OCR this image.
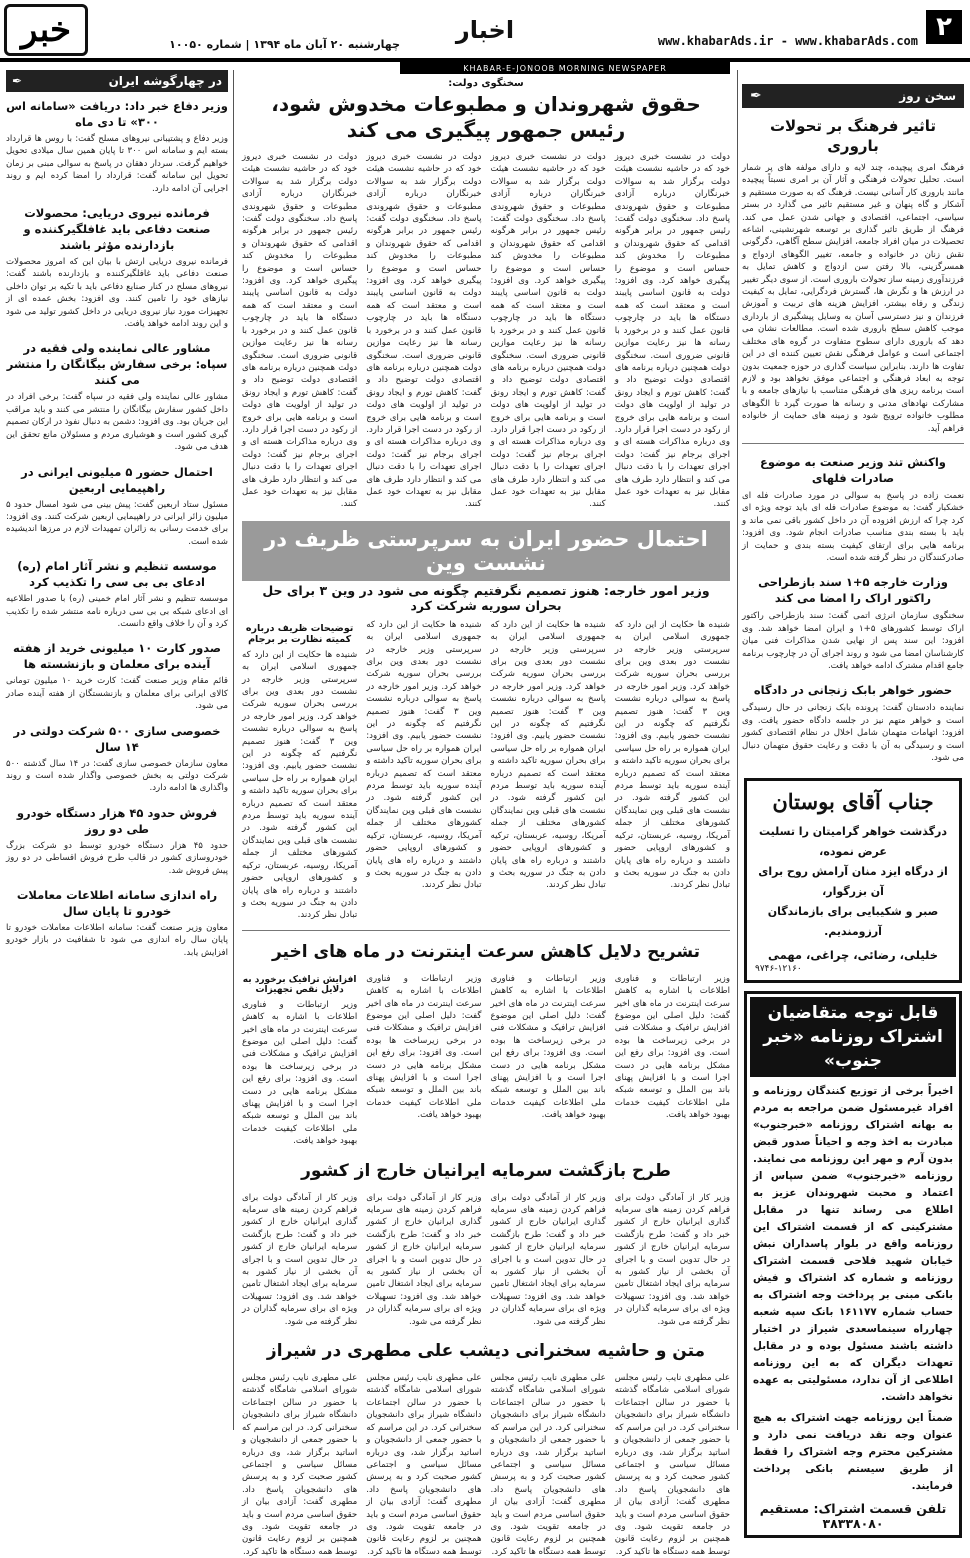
۲
www.khabarAds.ir - www.khabarAds.com
اخبار
چهارشنبه ۲۰ آبان ماه ۱۳۹۴ | شماره ۱۰۰۵۰
خبر
KHABAR-E-JONOOB MORNING NEWSPAPER
سخن روز
✒
تاثیر فرهنگ بر تحولات باروری

فرهنگ امری پیچیده، چند لایه و دارای مولفه های پر شمار است. تحلیل تحولات فرهنگی و آثار آن بر امری نسبتاً پیچیده مانند باروری کار آسانی نیست. فرهنگ که به صورت مستقیم و آشکار و گاه پنهان و غیر مستقیم تاثیر می گذارد در بستر سیاسی، اجتماعی، اقتصادی و جهانی شدن عمل می کند. فرهنگ از طریق تاثیر گذاری بر توسعه شهرنشینی، اشاعه تحصیلات در میان افراد جامعه، افزایش سطح آگاهی، دگرگونی نقش زنان در خانواده و جامعه، تغییر الگوهای ازدواج و همسرگزینی، بالا رفتن سن ازدواج و کاهش تمایل به فرزندآوری زمینه ساز تحولات باروری است. از سوی دیگر تغییر در ارزش ها و نگرش ها، گسترش فردگرایی، تمایل به کیفیت زندگی و رفاه بیشتر، افزایش هزینه های تربیت و آموزش فرزندان و نیز دسترسی آسان به وسایل پیشگیری از بارداری موجب کاهش سطح باروری شده است. مطالعات نشان می دهد که باروری دارای سطوح متفاوت در گروه های مختلف اجتماعی است و عوامل فرهنگی نقش تعیین کننده ای در این تفاوت ها دارند. بنابراین سیاست گذاری در حوزه جمعیت بدون توجه به ابعاد فرهنگی و اجتماعی موفق نخواهد بود و لازم است برنامه ریزی های فرهنگی متناسب با نیازهای جامعه و با مشارکت نهادهای مدنی و رسانه ها صورت گیرد تا الگوهای مطلوب خانواده ترویج شود و زمینه های حمایت از خانواده فراهم آید.

واکنش تند وزیر صنعت به موضوع صادرات فلهای

نعمت زاده در پاسخ به سوالی در مورد صادرات فله ای خشکبار گفت: به موضوع صادرات فله ای باید توجه ویژه ای کرد چرا که ارزش افزوده آن در داخل کشور باقی نمی ماند و باید با بسته بندی مناسب صادرات انجام شود. وی افزود: برنامه هایی برای ارتقای کیفیت بسته بندی و حمایت از صادرکنندگان در نظر گرفته شده است.

وزارت خارجه ۵+۱ سند بازطراحی راکتور اراک را امضا می کند

سخنگوی سازمان انرژی اتمی گفت: سند بازطراحی راکتور اراک توسط کشورهای ۵+۱ و ایران امضا خواهد شد. وی افزود: این سند پس از نهایی شدن مذاکرات فنی میان کارشناسان امضا می شود و روند اجرای آن در چارچوب برنامه جامع اقدام مشترک ادامه خواهد یافت.

حضور خواهر بابک زنجانی در دادگاه

نماینده دادستان گفت: پرونده بابک زنجانی در حال رسیدگی است و خواهر متهم نیز در جلسه دادگاه حضور یافت. وی افزود: اتهامات متهمان شامل اخلال در نظام اقتصادی کشور است و رسیدگی به آن با دقت و رعایت حقوق متهمان دنبال می شود.

جناب آقای بوستان
درگذشت خواهر گرامیتان را تسلیت عرض نموده،
از درگاه ایزد منان آرامش روح برای آن بزرگوار،
صبر و شکیبایی برای بازماندگان آرزومندیم.
خلیلی، رضائی، چراغی، مهمی
۹۷۴۶-۱۲۱۶۰
قابل توجه متقاضیان
اشتراک روزنامه «خبر جنوب»
اخیراً برخی از توزیع کنندگان روزنامه و افراد غیرمسئول ضمن مراجعه به مردم به بهانه اشتراک روزنامه «خبرجنوب» مبادرت به اخذ وجه و احیاناً صدور قبض بدون آرم و مهر این روزنامه می نمایند. روزنامه «خبرجنوب» ضمن سپاس از اعتماد و محبت شهروندان عزیز به اطلاع می رساند تنها در مقابل مشترکینی که از قسمت اشتراک این روزنامه واقع در بلوار پاسداران نبش خیابان شهید فلاحی قسمت اشتراک روزنامه و شماره کد اشتراک و فیش بانکی مبنی بر پرداخت وجه اشتراک به حساب شماره ۱۶۱۱۷۷ بانک سپه شعبه چهارراه سینماسعدی شیراز در اختیار داشته باشند مسئول بوده و در مقابل تعهدات دیگران که به این روزنامه اطلاعی از آن ندارد، مسئولیتی به عهده نخواهد داشت.
ضمناً این روزنامه جهت اشتراک به هیچ عنوان وجه نقد دریافت نمی دارد و مشترکین محترم وجه اشتراک را فقط از طریق سیستم بانکی پرداخت فرمایند.
تلفن قسمت اشتراک: مستقیم ۳۸۳۳۸۰۸۰
سخنگوی دولت:
حقوق شهروندان و مطبوعات مخدوش شود، رئیس جمهور پیگیری می کند

دولت در نشست خبری دیروز خود که در حاشیه نشست هیئت دولت برگزار شد به سوالات خبرنگاران درباره آزادی مطبوعات و حقوق شهروندی پاسخ داد. سخنگوی دولت گفت: رئیس جمهور در برابر هرگونه اقدامی که حقوق شهروندان و مطبوعات را مخدوش کند حساس است و موضوع را پیگیری خواهد کرد. وی افزود: دولت به قانون اساسی پایبند است و معتقد است که همه دستگاه ها باید در چارچوب قانون عمل کنند و در برخورد با رسانه ها نیز رعایت موازین قانونی ضروری است. سخنگوی دولت همچنین درباره برنامه های اقتصادی دولت توضیح داد و گفت: کاهش تورم و ایجاد رونق در تولید از اولویت های دولت است و برنامه هایی برای خروج از رکود در دست اجرا قرار دارد. وی درباره مذاکرات هسته ای و اجرای برجام نیز گفت: دولت اجرای تعهدات را با دقت دنبال می کند و انتظار دارد طرف های مقابل نیز به تعهدات خود عمل کنند.

دولت در نشست خبری دیروز خود که در حاشیه نشست هیئت دولت برگزار شد به سوالات خبرنگاران درباره آزادی مطبوعات و حقوق شهروندی پاسخ داد. سخنگوی دولت گفت: رئیس جمهور در برابر هرگونه اقدامی که حقوق شهروندان و مطبوعات را مخدوش کند حساس است و موضوع را پیگیری خواهد کرد. وی افزود: دولت به قانون اساسی پایبند است و معتقد است که همه دستگاه ها باید در چارچوب قانون عمل کنند و در برخورد با رسانه ها نیز رعایت موازین قانونی ضروری است. سخنگوی دولت همچنین درباره برنامه های اقتصادی دولت توضیح داد و گفت: کاهش تورم و ایجاد رونق در تولید از اولویت های دولت است و برنامه هایی برای خروج از رکود در دست اجرا قرار دارد. وی درباره مذاکرات هسته ای و اجرای برجام نیز گفت: دولت اجرای تعهدات را با دقت دنبال می کند و انتظار دارد طرف های مقابل نیز به تعهدات خود عمل کنند.

دولت در نشست خبری دیروز خود که در حاشیه نشست هیئت دولت برگزار شد به سوالات خبرنگاران درباره آزادی مطبوعات و حقوق شهروندی پاسخ داد. سخنگوی دولت گفت: رئیس جمهور در برابر هرگونه اقدامی که حقوق شهروندان و مطبوعات را مخدوش کند حساس است و موضوع را پیگیری خواهد کرد. وی افزود: دولت به قانون اساسی پایبند است و معتقد است که همه دستگاه ها باید در چارچوب قانون عمل کنند و در برخورد با رسانه ها نیز رعایت موازین قانونی ضروری است. سخنگوی دولت همچنین درباره برنامه های اقتصادی دولت توضیح داد و گفت: کاهش تورم و ایجاد رونق در تولید از اولویت های دولت است و برنامه هایی برای خروج از رکود در دست اجرا قرار دارد. وی درباره مذاکرات هسته ای و اجرای برجام نیز گفت: دولت اجرای تعهدات را با دقت دنبال می کند و انتظار دارد طرف های مقابل نیز به تعهدات خود عمل کنند.

دولت در نشست خبری دیروز خود که در حاشیه نشست هیئت دولت برگزار شد به سوالات خبرنگاران درباره آزادی مطبوعات و حقوق شهروندی پاسخ داد. سخنگوی دولت گفت: رئیس جمهور در برابر هرگونه اقدامی که حقوق شهروندان و مطبوعات را مخدوش کند حساس است و موضوع را پیگیری خواهد کرد. وی افزود: دولت به قانون اساسی پایبند است و معتقد است که همه دستگاه ها باید در چارچوب قانون عمل کنند و در برخورد با رسانه ها نیز رعایت موازین قانونی ضروری است. سخنگوی دولت همچنین درباره برنامه های اقتصادی دولت توضیح داد و گفت: کاهش تورم و ایجاد رونق در تولید از اولویت های دولت است و برنامه هایی برای خروج از رکود در دست اجرا قرار دارد. وی درباره مذاکرات هسته ای و اجرای برجام نیز گفت: دولت اجرای تعهدات را با دقت دنبال می کند و انتظار دارد طرف های مقابل نیز به تعهدات خود عمل کنند.

احتمال حضور ایران به سرپرستی ظریف در نشست وین
وزیر امور خارجه: هنوز تصمیم نگرفتیم چگونه می شود در وین ۳ برای حل بحران سوریه شرکت کرد

شنیده ها حکایت از این دارد که جمهوری اسلامی ایران به سرپرستی وزیر خارجه در نشست دور بعدی وین برای بررسی بحران سوریه شرکت خواهد کرد. وزیر امور خارجه در پاسخ به سوالی درباره نشست وین ۳ گفت: هنوز تصمیم نگرفتیم که چگونه در این نشست حضور یابیم. وی افزود: ایران همواره بر راه حل سیاسی برای بحران سوریه تاکید داشته و معتقد است که تصمیم درباره آینده سوریه باید توسط مردم این کشور گرفته شود. در نشست های قبلی وین نمایندگان کشورهای مختلف از جمله آمریکا، روسیه، عربستان، ترکیه و کشورهای اروپایی حضور داشتند و درباره راه های پایان دادن به جنگ در سوریه بحث و تبادل نظر کردند.

شنیده ها حکایت از این دارد که جمهوری اسلامی ایران به سرپرستی وزیر خارجه در نشست دور بعدی وین برای بررسی بحران سوریه شرکت خواهد کرد. وزیر امور خارجه در پاسخ به سوالی درباره نشست وین ۳ گفت: هنوز تصمیم نگرفتیم که چگونه در این نشست حضور یابیم. وی افزود: ایران همواره بر راه حل سیاسی برای بحران سوریه تاکید داشته و معتقد است که تصمیم درباره آینده سوریه باید توسط مردم این کشور گرفته شود. در نشست های قبلی وین نمایندگان کشورهای مختلف از جمله آمریکا، روسیه، عربستان، ترکیه و کشورهای اروپایی حضور داشتند و درباره راه های پایان دادن به جنگ در سوریه بحث و تبادل نظر کردند.

شنیده ها حکایت از این دارد که جمهوری اسلامی ایران به سرپرستی وزیر خارجه در نشست دور بعدی وین برای بررسی بحران سوریه شرکت خواهد کرد. وزیر امور خارجه در پاسخ به سوالی درباره نشست وین ۳ گفت: هنوز تصمیم نگرفتیم که چگونه در این نشست حضور یابیم. وی افزود: ایران همواره بر راه حل سیاسی برای بحران سوریه تاکید داشته و معتقد است که تصمیم درباره آینده سوریه باید توسط مردم این کشور گرفته شود. در نشست های قبلی وین نمایندگان کشورهای مختلف از جمله آمریکا، روسیه، عربستان، ترکیه و کشورهای اروپایی حضور داشتند و درباره راه های پایان دادن به جنگ در سوریه بحث و تبادل نظر کردند.

توضیحات ظریف درباره کمیته نظارت بر برجام

شنیده ها حکایت از این دارد که جمهوری اسلامی ایران به سرپرستی وزیر خارجه در نشست دور بعدی وین برای بررسی بحران سوریه شرکت خواهد کرد. وزیر امور خارجه در پاسخ به سوالی درباره نشست وین ۳ گفت: هنوز تصمیم نگرفتیم که چگونه در این نشست حضور یابیم. وی افزود: ایران همواره بر راه حل سیاسی برای بحران سوریه تاکید داشته و معتقد است که تصمیم درباره آینده سوریه باید توسط مردم این کشور گرفته شود. در نشست های قبلی وین نمایندگان کشورهای مختلف از جمله آمریکا، روسیه، عربستان، ترکیه و کشورهای اروپایی حضور داشتند و درباره راه های پایان دادن به جنگ در سوریه بحث و تبادل نظر کردند.

تشریح دلایل کاهش سرعت اینترنت در ماه های اخیر

وزیر ارتباطات و فناوری اطلاعات با اشاره به کاهش سرعت اینترنت در ماه های اخیر گفت: دلیل اصلی این موضوع افزایش ترافیک و مشکلات فنی در برخی زیرساخت ها بوده است. وی افزود: برای رفع این مشکل برنامه هایی در دست اجرا است و با افزایش پهنای باند بین الملل و توسعه شبکه ملی اطلاعات کیفیت خدمات بهبود خواهد یافت.

وزیر ارتباطات و فناوری اطلاعات با اشاره به کاهش سرعت اینترنت در ماه های اخیر گفت: دلیل اصلی این موضوع افزایش ترافیک و مشکلات فنی در برخی زیرساخت ها بوده است. وی افزود: برای رفع این مشکل برنامه هایی در دست اجرا است و با افزایش پهنای باند بین الملل و توسعه شبکه ملی اطلاعات کیفیت خدمات بهبود خواهد یافت.

وزیر ارتباطات و فناوری اطلاعات با اشاره به کاهش سرعت اینترنت در ماه های اخیر گفت: دلیل اصلی این موضوع افزایش ترافیک و مشکلات فنی در برخی زیرساخت ها بوده است. وی افزود: برای رفع این مشکل برنامه هایی در دست اجرا است و با افزایش پهنای باند بین الملل و توسعه شبکه ملی اطلاعات کیفیت خدمات بهبود خواهد یافت.

افزایش ترافیک برخورد به دلایل نقص تجهیزات

وزیر ارتباطات و فناوری اطلاعات با اشاره به کاهش سرعت اینترنت در ماه های اخیر گفت: دلیل اصلی این موضوع افزایش ترافیک و مشکلات فنی در برخی زیرساخت ها بوده است. وی افزود: برای رفع این مشکل برنامه هایی در دست اجرا است و با افزایش پهنای باند بین الملل و توسعه شبکه ملی اطلاعات کیفیت خدمات بهبود خواهد یافت.

طرح بازگشت سرمایه ایرانیان خارج از کشور

وزیر کار از آمادگی دولت برای فراهم کردن زمینه های سرمایه گذاری ایرانیان خارج از کشور خبر داد و گفت: طرح بازگشت سرمایه ایرانیان خارج از کشور در حال تدوین است و با اجرای آن بخشی از نیاز کشور به سرمایه برای ایجاد اشتغال تامین خواهد شد. وی افزود: تسهیلات ویژه ای برای سرمایه گذاران در نظر گرفته می شود.

وزیر کار از آمادگی دولت برای فراهم کردن زمینه های سرمایه گذاری ایرانیان خارج از کشور خبر داد و گفت: طرح بازگشت سرمایه ایرانیان خارج از کشور در حال تدوین است و با اجرای آن بخشی از نیاز کشور به سرمایه برای ایجاد اشتغال تامین خواهد شد. وی افزود: تسهیلات ویژه ای برای سرمایه گذاران در نظر گرفته می شود.

وزیر کار از آمادگی دولت برای فراهم کردن زمینه های سرمایه گذاری ایرانیان خارج از کشور خبر داد و گفت: طرح بازگشت سرمایه ایرانیان خارج از کشور در حال تدوین است و با اجرای آن بخشی از نیاز کشور به سرمایه برای ایجاد اشتغال تامین خواهد شد. وی افزود: تسهیلات ویژه ای برای سرمایه گذاران در نظر گرفته می شود.

وزیر کار از آمادگی دولت برای فراهم کردن زمینه های سرمایه گذاری ایرانیان خارج از کشور خبر داد و گفت: طرح بازگشت سرمایه ایرانیان خارج از کشور در حال تدوین است و با اجرای آن بخشی از نیاز کشور به سرمایه برای ایجاد اشتغال تامین خواهد شد. وی افزود: تسهیلات ویژه ای برای سرمایه گذاران در نظر گرفته می شود.

متن و حاشیه سخنرانی دیشب علی مطهری در شیراز

علی مطهری نایب رئیس مجلس شورای اسلامی شامگاه گذشته با حضور در سالن اجتماعات دانشگاه شیراز برای دانشجویان سخنرانی کرد. در این مراسم که با حضور جمعی از دانشجویان و اساتید برگزار شد، وی درباره مسائل سیاسی و اجتماعی کشور صحبت کرد و به پرسش های دانشجویان پاسخ داد. مطهری گفت: آزادی بیان از حقوق اساسی مردم است و باید در جامعه تقویت شود. وی همچنین بر لزوم رعایت قانون توسط همه دستگاه ها تاکید کرد.

علی مطهری نایب رئیس مجلس شورای اسلامی شامگاه گذشته با حضور در سالن اجتماعات دانشگاه شیراز برای دانشجویان سخنرانی کرد. در این مراسم که با حضور جمعی از دانشجویان و اساتید برگزار شد، وی درباره مسائل سیاسی و اجتماعی کشور صحبت کرد و به پرسش های دانشجویان پاسخ داد. مطهری گفت: آزادی بیان از حقوق اساسی مردم است و باید در جامعه تقویت شود. وی همچنین بر لزوم رعایت قانون توسط همه دستگاه ها تاکید کرد.

علی مطهری نایب رئیس مجلس شورای اسلامی شامگاه گذشته با حضور در سالن اجتماعات دانشگاه شیراز برای دانشجویان سخنرانی کرد. در این مراسم که با حضور جمعی از دانشجویان و اساتید برگزار شد، وی درباره مسائل سیاسی و اجتماعی کشور صحبت کرد و به پرسش های دانشجویان پاسخ داد. مطهری گفت: آزادی بیان از حقوق اساسی مردم است و باید در جامعه تقویت شود. وی همچنین بر لزوم رعایت قانون توسط همه دستگاه ها تاکید کرد.

علی مطهری نایب رئیس مجلس شورای اسلامی شامگاه گذشته با حضور در سالن اجتماعات دانشگاه شیراز برای دانشجویان سخنرانی کرد. در این مراسم که با حضور جمعی از دانشجویان و اساتید برگزار شد، وی درباره مسائل سیاسی و اجتماعی کشور صحبت کرد و به پرسش های دانشجویان پاسخ داد. مطهری گفت: آزادی بیان از حقوق اساسی مردم است و باید در جامعه تقویت شود. وی همچنین بر لزوم رعایت قانون توسط همه دستگاه ها تاکید کرد.

در چهارگوشه ایران
✒
وزیر دفاع خبر داد: دریافت «سامانه اس ۳۰۰» تا دی ماه

وزیر دفاع و پشتیبانی نیروهای مسلح گفت: با روس ها قرارداد بسته ایم و سامانه اس ۳۰۰ تا پایان همین سال میلادی تحویل خواهیم گرفت. سردار دهقان در پاسخ به سوالی مبنی بر زمان تحویل این سامانه گفت: قرارداد را امضا کرده ایم و روند اجرایی آن ادامه دارد.

فرمانده نیروی دریایی: محصولات صنعت دفاعی باید غافلگیرکننده و بازدارنده مؤثر باشند

فرمانده نیروی دریایی ارتش با بیان این که امروز محصولات صنعت دفاعی باید غافلگیرکننده و بازدارنده باشند گفت: نیروهای مسلح در کنار صنایع دفاعی باید با تکیه بر توان داخلی نیازهای خود را تامین کنند. وی افزود: بخش عمده ای از تجهیزات مورد نیاز نیروی دریایی در داخل کشور تولید می شود و این روند ادامه خواهد یافت.

مشاور عالی نماینده ولی فقیه در سپاه: برخی سفارش بیگانگان را منتشر می کنند

مشاور عالی نماینده ولی فقیه در سپاه گفت: برخی افراد در داخل کشور سفارش بیگانگان را منتشر می کنند و باید مراقب این جریان بود. وی افزود: دشمن به دنبال نفوذ در ارکان تصمیم گیری کشور است و هوشیاری مردم و مسئولان مانع تحقق این هدف می شود.

احتمال حضور ۵ میلیونی ایرانی در راهپیمایی اربعین

مسئول ستاد اربعین گفت: پیش بینی می شود امسال حدود ۵ میلیون زائر ایرانی در راهپیمایی اربعین شرکت کنند. وی افزود: برای خدمت رسانی به زائران تمهیدات لازم در مرزها اندیشیده شده است.

موسسه تنظیم و نشر آثار امام (ره) ادعای بی بی سی را تکذیب کرد

موسسه تنظیم و نشر آثار امام خمینی (ره) با صدور اطلاعیه ای ادعای شبکه بی بی سی درباره نامه منتشر شده را تکذیب کرد و آن را خلاف واقع دانست.

صدور کارت ۱۰ میلیونی خرید از هفته آینده برای معلمان و بازنشسته ها

قائم مقام وزیر صنعت گفت: کارت خرید ۱۰ میلیون تومانی کالای ایرانی برای معلمان و بازنشستگان از هفته آینده صادر می شود.

خصوصی سازی ۵۰۰ شرکت دولتی در ۱۴ سال

معاون سازمان خصوصی سازی گفت: در ۱۴ سال گذشته ۵۰۰ شرکت دولتی به بخش خصوصی واگذار شده است و روند واگذاری ها ادامه دارد.

فروش حدود ۴۵ هزار دستگاه خودرو طی دو روز

حدود ۴۵ هزار دستگاه خودرو توسط دو شرکت بزرگ خودروسازی کشور در قالب طرح فروش اقساطی در دو روز پیش فروش شد.

راه اندازی سامانه اطلاعات معاملات خودرو تا پایان سال

معاون وزیر صنعت گفت: سامانه اطلاعات معاملات خودرو تا پایان سال راه اندازی می شود تا شفافیت در بازار خودرو افزایش یابد.
